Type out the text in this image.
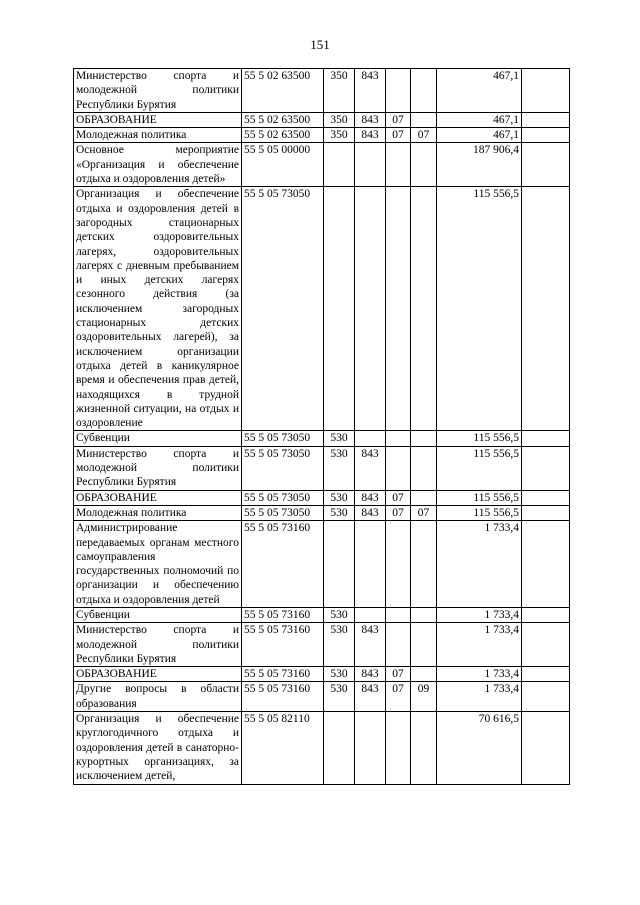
151
Министерство спорта и молодежной политики Республики Бурятия	55 5 02 63500	350	843			467,1	
ОБРАЗОВАНИЕ	55 5 02 63500	350	843	07		467,1	
Молодежная политика	55 5 02 63500	350	843	07	07	467,1	
Основное мероприятие «Организация и обеспечение отдыха и оздоровления детей»	55 5 05 00000					187 906,4	
Организация и обеспечение отдыха и оздоровления детей в загородных стационарных детских оздоровительных лагерях, оздоровительных лагерях с дневным пребыванием и иных детских лагерях сезонного действия (за исключением загородных стационарных детских оздоровительных лагерей), за исключением организации отдыха детей в каникулярное время и обеспечения прав детей, находящихся в трудной жизненной ситуации, на отдых и оздоровление	55 5 05 73050					115 556,5	
Субвенции	55 5 05 73050	530				115 556,5	
Министерство спорта и молодежной политики Республики Бурятия	55 5 05 73050	530	843			115 556,5	
ОБРАЗОВАНИЕ	55 5 05 73050	530	843	07		115 556,5	
Молодежная политика	55 5 05 73050	530	843	07	07	115 556,5	
Администрирование передаваемых органам местного самоуправления государственных полномочий по организации и обеспечению отдыха и оздоровления детей	55 5 05 73160					1 733,4	
Субвенции	55 5 05 73160	530				1 733,4	
Министерство спорта и молодежной политики Республики Бурятия	55 5 05 73160	530	843			1 733,4	
ОБРАЗОВАНИЕ	55 5 05 73160	530	843	07		1 733,4	
Другие вопросы в области образования	55 5 05 73160	530	843	07	09	1 733,4	
Организация и обеспечение круглогодичного отдыха и оздоровления детей в санаторно-курортных организациях, за исключением детей,	55 5 05 82110					70 616,5	
